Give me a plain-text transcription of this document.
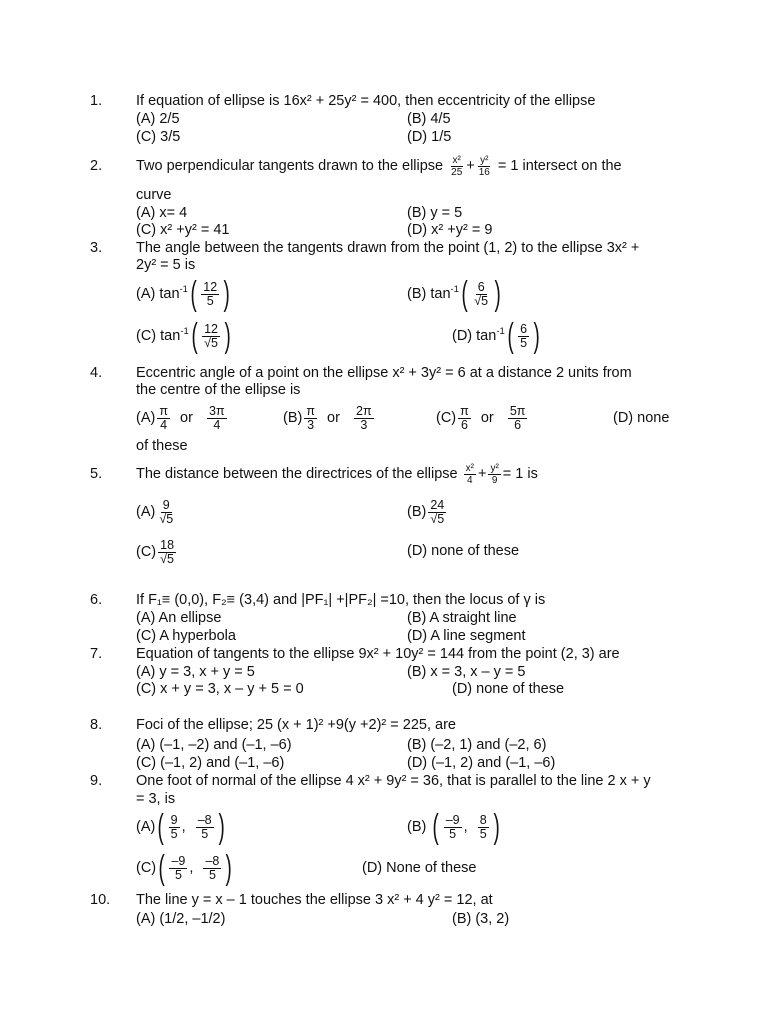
1. If equation of ellipse is 16x² + 25y² = 400, then eccentricity of the ellipse
(A) 2/5	(B) 4/5
(C) 3/5	(D) 1/5
2. Two perpendicular tangents drawn to the ellipse $\frac{\text{x²}}{25} + \frac{\text{y²}}{16} = 1$ intersect on the
curve
(A) x= 4	(B) y = 5
(C) x² +y² = 41	(D) x² +y² = 9
3. The angle between the tangents drawn from the point (1, 2) to the ellipse 3x² +
2y² = 5 is
(A) $\tan^{-1}$ ( 12
5 )	(B) $\tan^{-1}$ ( 6
√ 5 )
(C) $\tan^{-1}$ ( 12
√ 5 )	(D) $\tan^{-1}$ ( 6
5 )
4. Eccentric angle of a point on the ellipse x² + 3y² = 6 at a distance 2 units from
the centre of the ellipse is
$(A) \frac{\pi}{4}$ or $\frac{3\pi}{4}$	$(B) \frac{\pi}{3}$ or $\frac{2\pi}{3}$	$(C) \frac{\pi}{6}$ or $\frac{5\pi}{6}$	(D) none
of these
5. The distance between the directrices of the ellipse $\frac{\text{x²}}{4} + \frac{\text{y²}}{9} = 1$ is
(A) 9
√ 5	(B) 24
√ 5
(C) 18
√ 5	(D) none of these
6. If F₁≡ (0,0), F₂≡ (3,4) and |PF₁| +|PF₂| =10, then the locus of γ is
(A) An ellipse	(B) A straight line
(C) A hyperbola	(D) A line segment
7. Equation of tangents to the ellipse 9x² + 10y² = 144 from the point (2, 3) are
(A) y = 3, x + y = 5	(B) x = 3, x – y = 5
(C) x + y = 3, x – y + 5 = 0	(D) none of these
8. Foci of the ellipse; 25 (x + 1)² +9(y +2)² = 225, are
(A) (–1, –2) and (–1, –6)	(B) (–2, 1) and (–2, 6)
(C) (–1, 2) and (–1, –6)	(D) (–1, 2) and (–1, –6)
9. One foot of normal of the ellipse 4 x² + 9y² = 36, that is parallel to the line 2 x + y
= 3, is
(A) ( 9
5 , –8
5 )	(B) ( –9
5 , 8
5 )
(C) ( –9
5 , –8
5 )	(D) None of these
10. The line y = x – 1 touches the ellipse 3 x² + 4 y² = 12, at
(A) (1/2, –1/2)	(B) (3, 2)
